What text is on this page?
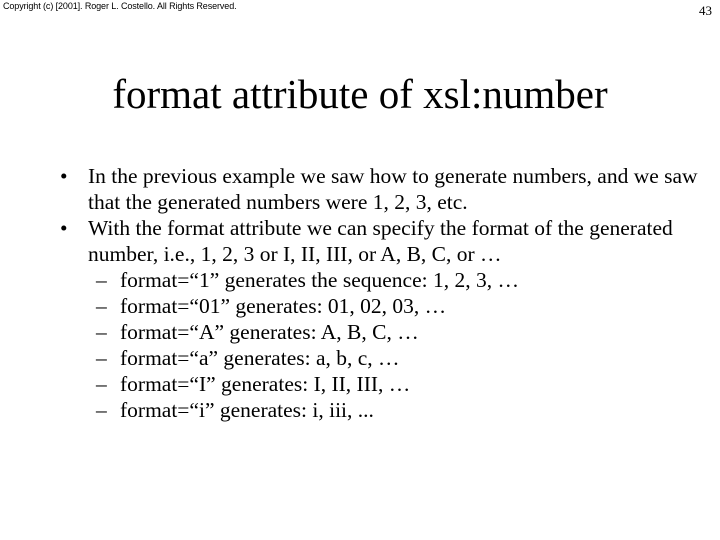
Copyright (c) [2001]. Roger L. Costello. All Rights Reserved.	43
format attribute of xsl:number
• In the previous example we saw how to generate numbers, and we saw that the generated numbers were 1, 2, 3, etc.
• With the format attribute we can specify the format of the generated number, i.e., 1, 2, 3 or I, II, III, or A, B, C, or …
– format=“1” generates the sequence: 1, 2, 3, …
– format=“01” generates: 01, 02, 03, …
– format=“A” generates: A, B, C, …
– format=“a” generates: a, b, c, …
– format=“I” generates: I, II, III, …
– format=“i” generates: i, iii, ...
